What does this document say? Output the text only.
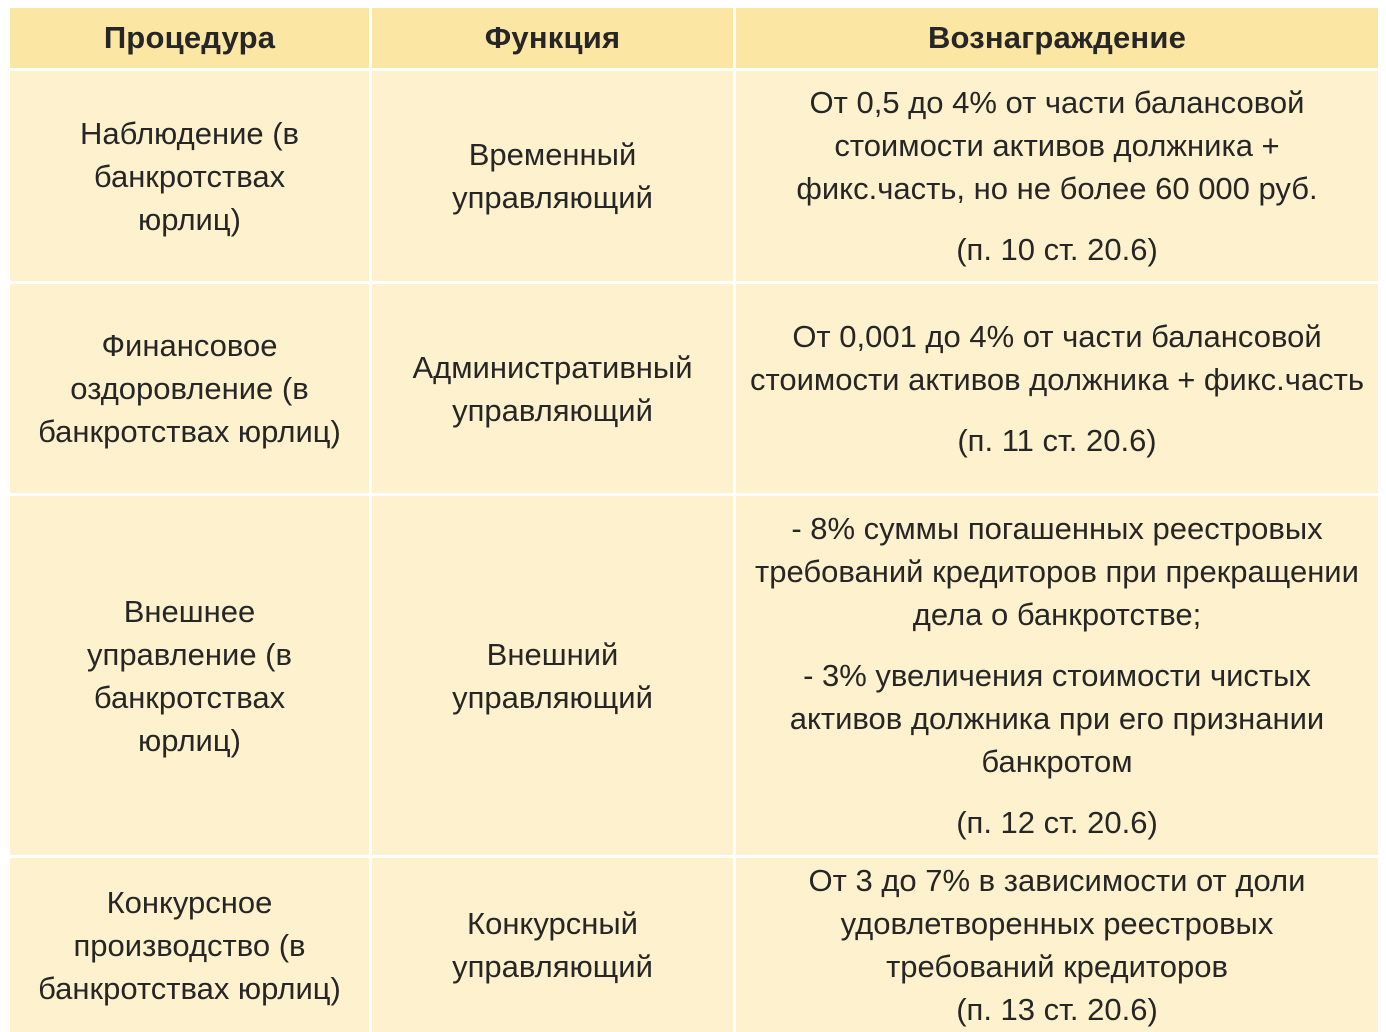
Процедура	Функция	Вознаграждение

Наблюдение (в банкротствах юрлиц)	Временный управляющий	От 0,5 до 4% от части балансовой стоимости активов должника + фикс.часть, но не более 60 000 руб.

(п. 10 ст. 20.6)

Финансовое оздоровление (в банкротствах юрлиц)	Административный управляющий	От 0,001 до 4% от части балансовой стоимости активов должника + фикс.часть

(п. 11 ст. 20.6)

Внешнее управление (в банкротствах юрлиц)	Внешний управляющий	- 8% суммы погашенных реестровых требований кредиторов при прекращении дела о банкротстве;

- 3% увеличения стоимости чистых активов должника при его признании банкротом

(п. 12 ст. 20.6)

Конкурсное производство (в банкротствах юрлиц)	Конкурсный управляющий	От 3 до 7% в зависимости от доли удовлетворенных реестровых требований кредиторов

(п. 13 ст. 20.6)
